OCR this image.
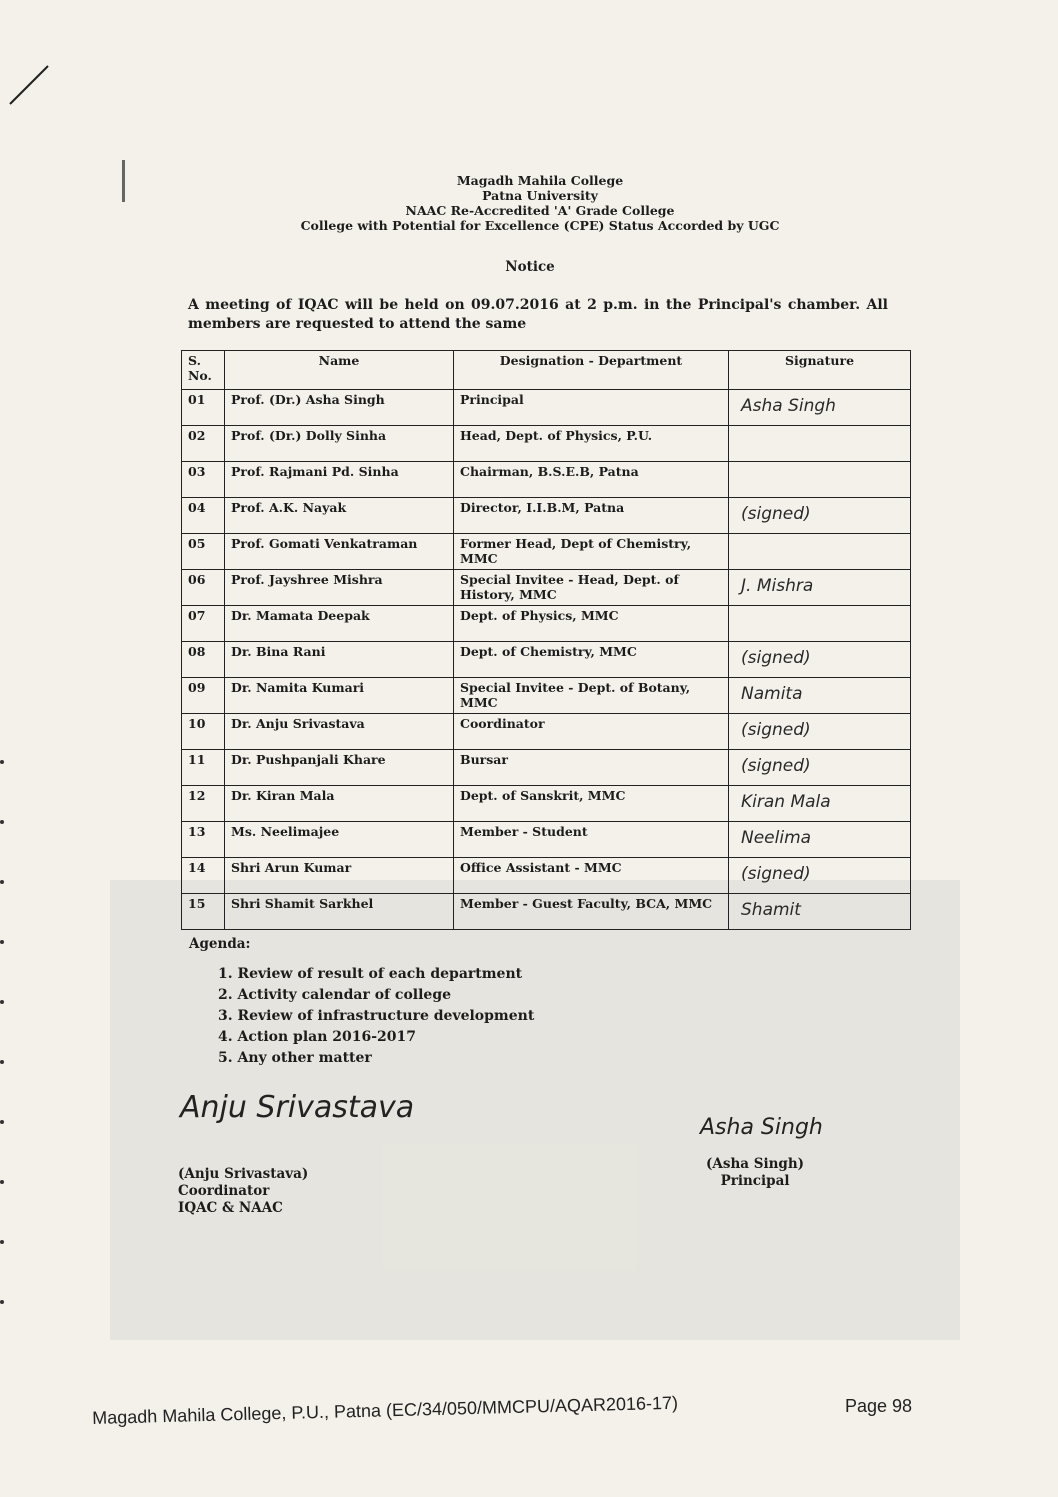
Magadh Mahila College
Patna University
NAAC Re-Accredited 'A' Grade College
College with Potential for Excellence (CPE) Status Accorded by UGC
Notice
A meeting of IQAC will be held on 09.07.2016 at 2 p.m. in the Principal's chamber. All members are requested to attend the same
S. No.	Name	Designation - Department	Signature
01	Prof. (Dr.) Asha Singh	Principal	Asha Singh

02	Prof. (Dr.) Dolly Sinha	Head, Dept. of Physics, P.U.	

03	Prof. Rajmani Pd. Sinha	Chairman, B.S.E.B, Patna	

04	Prof. A.K. Nayak	Director, I.I.B.M, Patna	(signed)

05	Prof. Gomati Venkatraman	Former Head, Dept of Chemistry, MMC	

06	Prof. Jayshree Mishra	Special Invitee - Head, Dept. of History, MMC	J. Mishra

07	Dr. Mamata Deepak	Dept. of Physics, MMC	

08	Dr. Bina Rani	Dept. of Chemistry, MMC	(signed)

09	Dr. Namita Kumari	Special Invitee - Dept. of Botany, MMC	Namita

10	Dr. Anju Srivastava	Coordinator	(signed)

11	Dr. Pushpanjali Khare	Bursar	(signed)

12	Dr. Kiran Mala	Dept. of Sanskrit, MMC	Kiran Mala

13	Ms. Neelimajee	Member - Student	Neelima

14	Shri Arun Kumar	Office Assistant - MMC	(signed)

15	Shri Shamit Sarkhel	Member - Guest Faculty, BCA, MMC	Shamit
Agenda:
1. Review of result of each department
2. Activity calendar of college
3. Review of infrastructure development
4. Action plan 2016-2017
5. Any other matter
Anju Srivastava
Asha Singh
(Anju Srivastava)
Coordinator
IQAC & NAAC
(Asha Singh)
Principal
Magadh Mahila College, P.U., Patna (EC/34/050/MMCPU/AQAR2016-17)	Page 98
